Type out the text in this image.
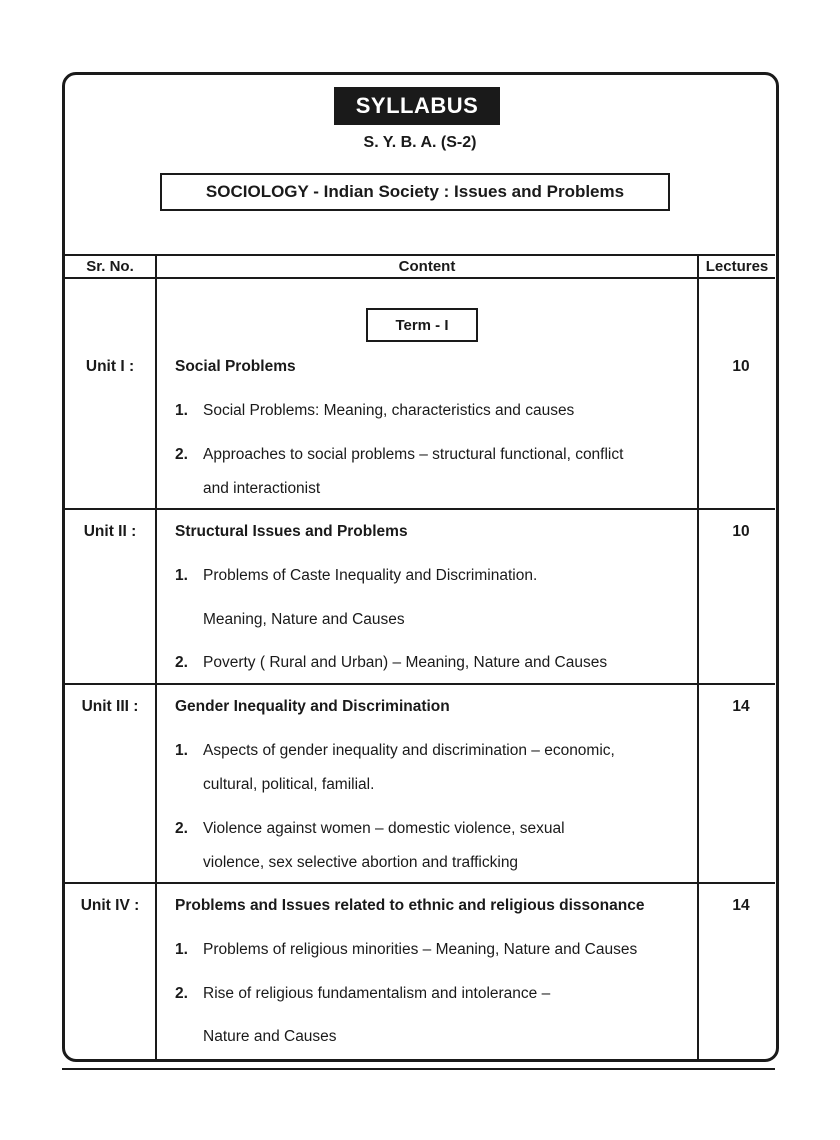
SYLLABUS
S. Y. B. A. (S-2)
SOCIOLOGY - Indian Society : Issues and Problems
Sr. No.	Content	Lectures
Term - I
Unit I :	Social Problems	10
1. Social Problems: Meaning, characteristics and causes
2. Approaches to social problems – structural functional, conflict
and interactionist
Unit II :	Structural Issues and Problems	10
1. Problems of Caste Inequality and Discrimination.
Meaning, Nature and Causes
2. Poverty ( Rural and Urban) – Meaning, Nature and Causes
Unit III :	Gender Inequality and Discrimination	14
1. Aspects of gender inequality and discrimination – economic,
cultural, political, familial.
2. Violence against women – domestic violence, sexual
violence, sex selective abortion and trafficking
Unit IV :	Problems and Issues related to ethnic and religious dissonance	14
1. Problems of religious minorities – Meaning, Nature and Causes
2. Rise of religious fundamentalism and intolerance –
Nature and Causes
